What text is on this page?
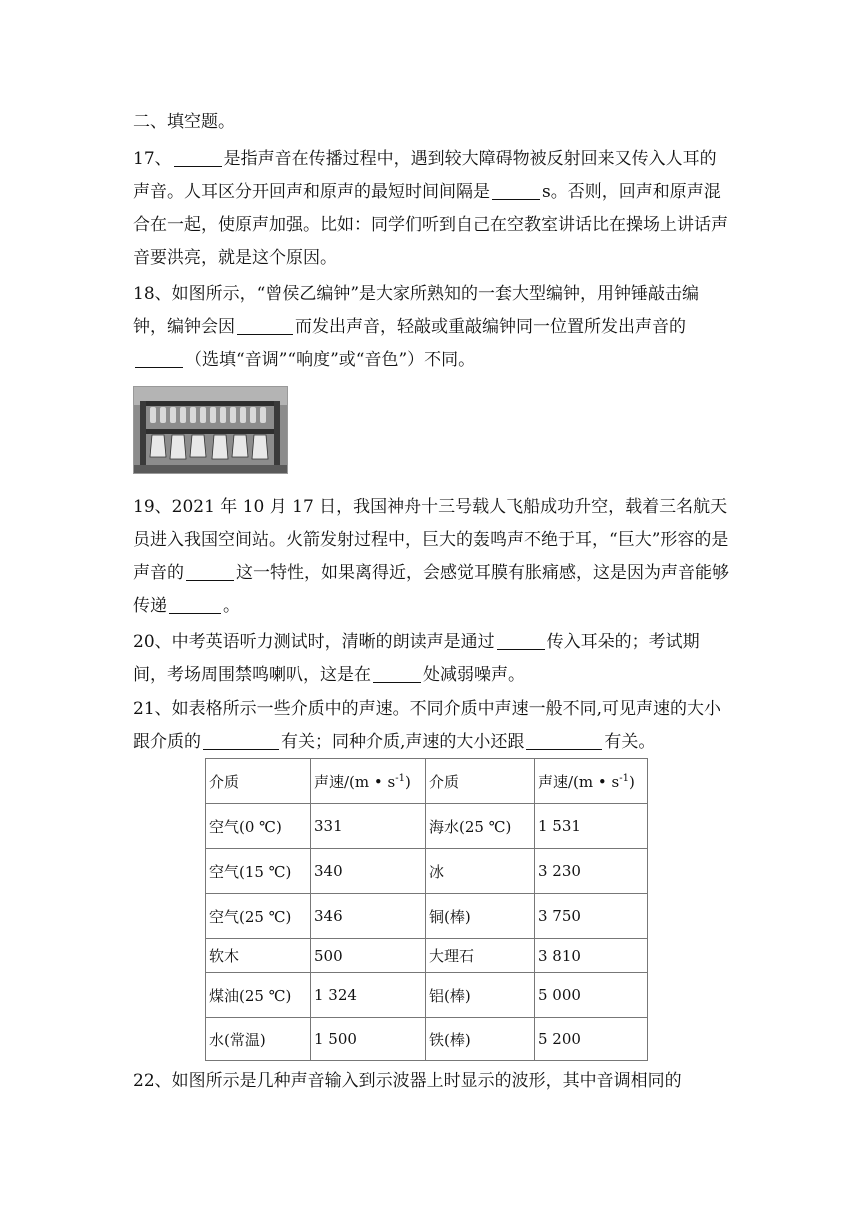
二、填空题。

17、	是指声音在传播过程中，遇到较大障碍物被反射回来又传入人耳的声音。人耳区分开回声和原声的最短时间间隔是	s。否则，回声和原声混合在一起，使原声加强。比如：同学们听到自己在空教室讲话比在操场上讲话声音要洪亮，就是这个原因。

18、如图所示，“曾侯乙编钟”是大家所熟知的一套大型编钟，用钟锤敲击编钟，编钟会因	而发出声音，轻敲或重敲编钟同一位置所发出声音的（选填“音调”“响度”或“音色”）不同。

19、2021 年 10 月 17 日，我国神舟十三号载人飞船成功升空，载着三名航天员进入我国空间站。火箭发射过程中，巨大的轰鸣声不绝于耳，“巨大”形容的是声音的	这一特性，如果离得近，会感觉耳膜有胀痛感，这是因为声音能够传递	。

20、中考英语听力测试时，清晰的朗读声是通过	传入耳朵的；考试期间，考场周围禁鸣喇叭，这是在	处减弱噪声。

21、如表格所示一些介质中的声速。不同介质中声速一般不同,可见声速的大小跟介质的	有关；同种介质,声速的大小还跟	有关。

介质	声速/(m • $s^{-1}$)	介质	声速/(m • $s^{-1}$)
空气(0 ℃)	331	海水(25 ℃)	1 531
空气(15 ℃)	340	冰	3 230
空气(25 ℃)	346	铜(棒)	3 750
软木	500	大理石	3 810
煤油(25 ℃)	1 324	铝(棒)	5 000
水(常温)	1 500	铁(棒)	5 200

22、如图所示是几种声音输入到示波器上时显示的波形，其中音调相同的
